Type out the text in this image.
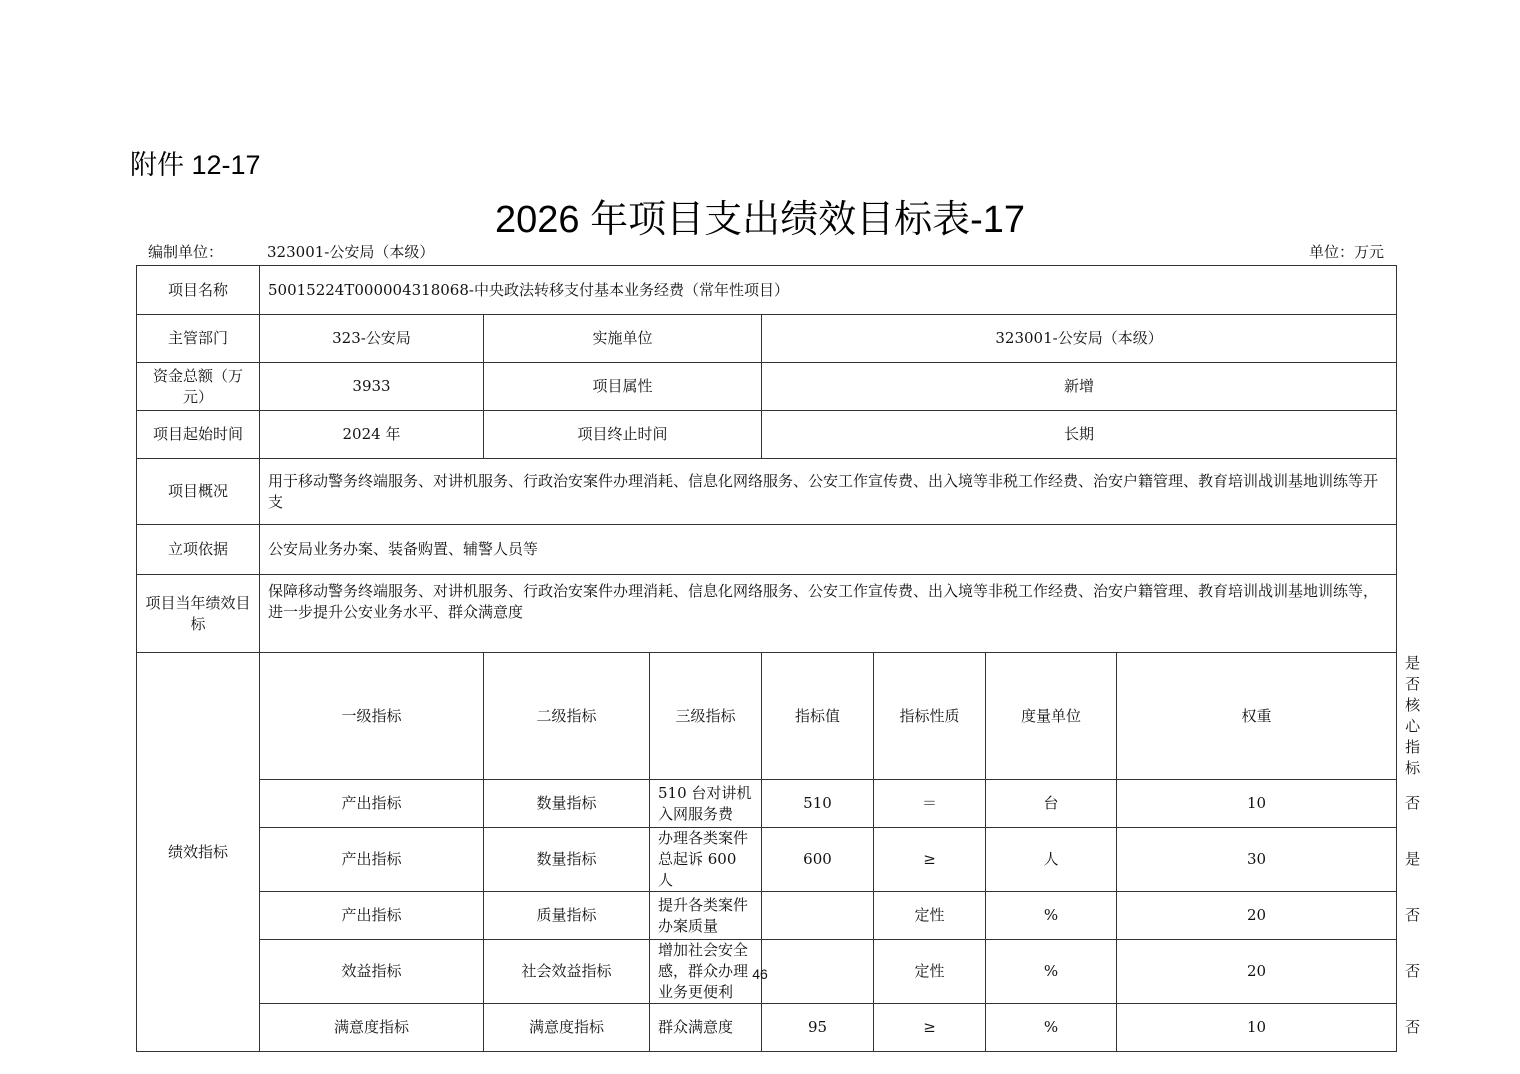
附件 12-17
2026 年项目支出绩效目标表-17
编制单位：	323001-公安局（本级）	单位：万元
项目名称	50015224T000004318068-中央政法转移支付基本业务经费（常年性项目）							
主管部门	323-公安局	实施单位		323001-公安局（本级）				
资金总额（万元）	3933	项目属性		新增				
项目起始时间	2024 年	项目终止时间		长期				
项目概况	用于移动警务终端服务、对讲机服务、行政治安案件办理消耗、信息化网络服务、公安工作宣传费、出入境等非税工作经费、治安户籍管理、教育培训战训基地训练等开支							
立项依据	公安局业务办案、装备购置、辅警人员等							
项目当年绩效目标	保障移动警务终端服务、对讲机服务、行政治安案件办理消耗、信息化网络服务、公安工作宣传费、出入境等非税工作经费、治安户籍管理、教育培训战训基地训练等，进一步提升公安业务水平、群众满意度							
绩效指标	一级指标	二级指标	三级指标	指标值	指标性质	度量单位	权重	是否核心指标
	产出指标	数量指标	510 台对讲机入网服务费	510	＝	台	10	否
	产出指标	数量指标	办理各类案件总起诉 600 人	600	≥	人	30	是
	产出指标	质量指标	提升各类案件办案质量		定性	%	20	否
	效益指标	社会效益指标	增加社会安全感，群众办理业务更便利		定性	%	20	否
	满意度指标	满意度指标	群众满意度	95	≥	%	10	否
46
